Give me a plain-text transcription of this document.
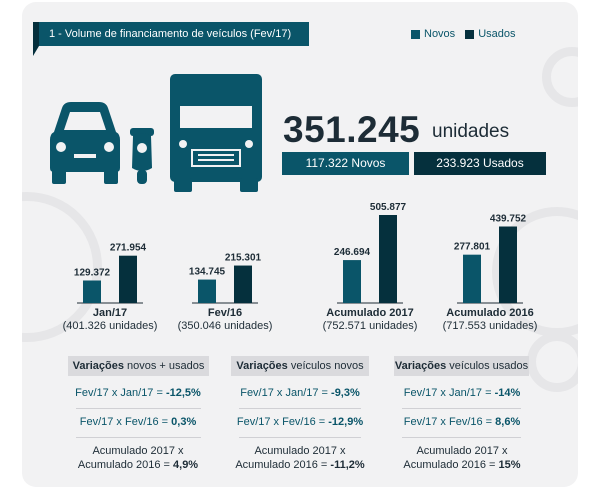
1 - Volume de financiamento de veículos (Fev/17)	Novos Usados
351.245 unidades
117.322 Novos	233.923 Usados
129.372
271.954
Jan/17
(401.326 unidades)
134.745
215.301
Fev/16
(350.046 unidades)
246.694
505.877
Acumulado 2017
(752.571 unidades)
277.801
439.752
Acumulado 2016
(717.553 unidades)
Variações novos + usados
Fev/17 x Jan/17 = -12,5%
Fev/17 x Fev/16 = 0,3%
Acumulado 2017 x
Acumulado 2016 = 4,9%
Variações veículos novos
Fev/17 x Jan/17 = -9,3%
Fev/17 x Fev/16 = -12,9%
Acumulado 2017 x
Acumulado 2016 = -11,2%
Variações veículos usados
Fev/17 x Jan/17 = -14%
Fev/17 x Fev/16 = 8,6%
Acumulado 2017 x
Acumulado 2016 = 15%
